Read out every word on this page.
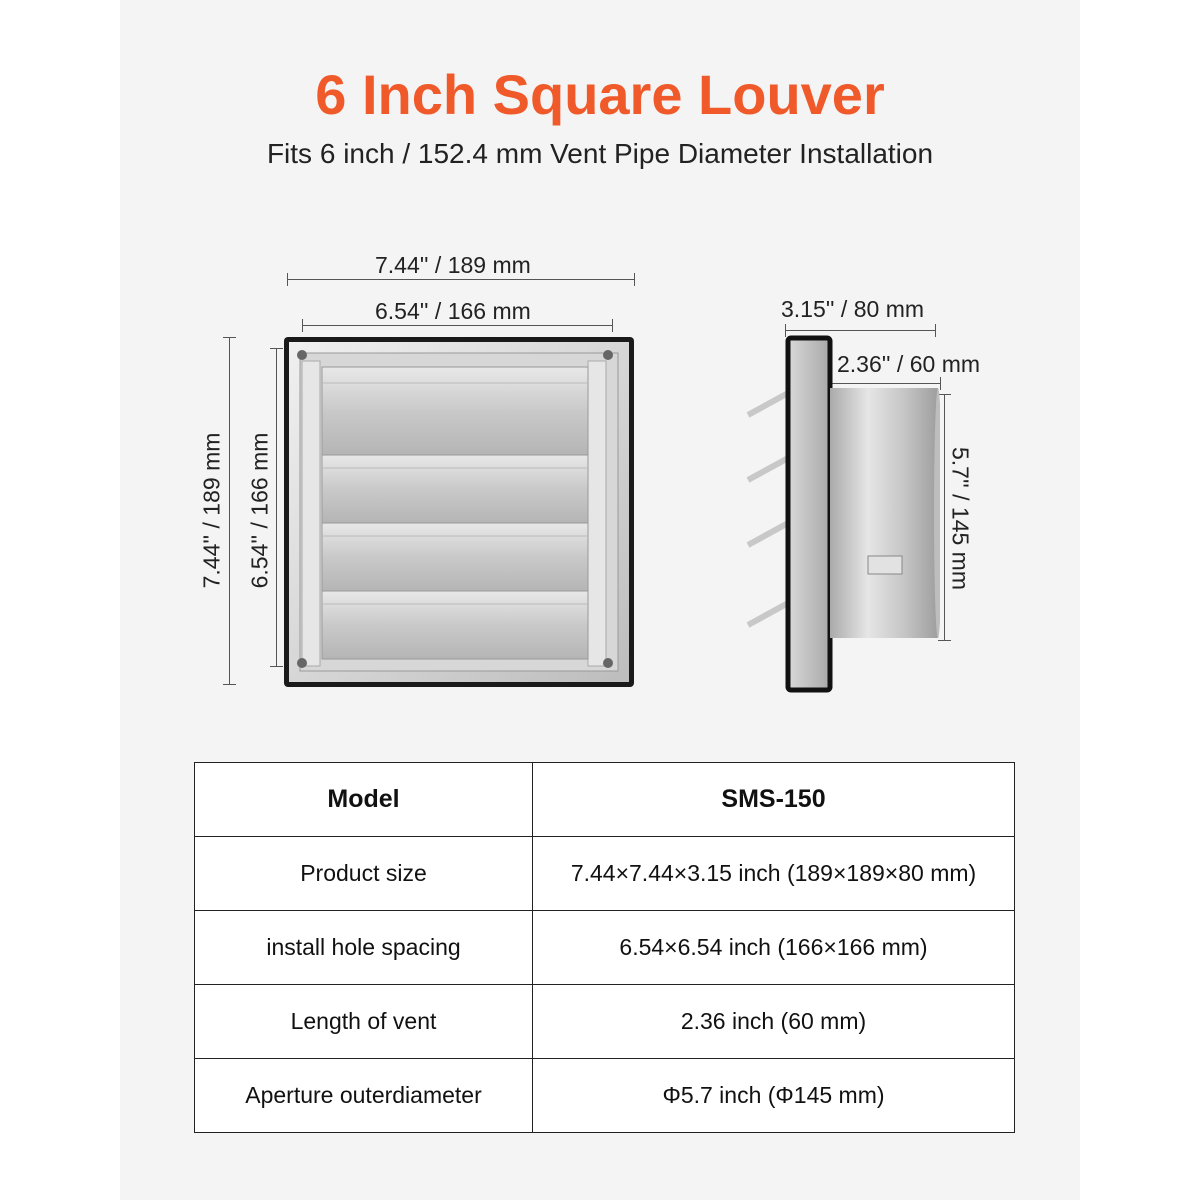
6 Inch Square Louver
Fits 6 inch / 152.4 mm Vent Pipe Diameter Installation
7.44'' / 189 mm
6.54'' / 166 mm
7.44'' / 189 mm 6.54'' / 166 mm
3.15'' / 80 mm
2.36'' / 60 mm
5.7'' / 145 mm
Model	SMS-150
Product size	7.44×7.44×3.15 inch (189×189×80 mm)
install hole spacing	6.54×6.54 inch (166×166 mm)
Length of vent	2.36 inch (60 mm)
Aperture outerdiameter	Φ5.7 inch (Φ145 mm)
